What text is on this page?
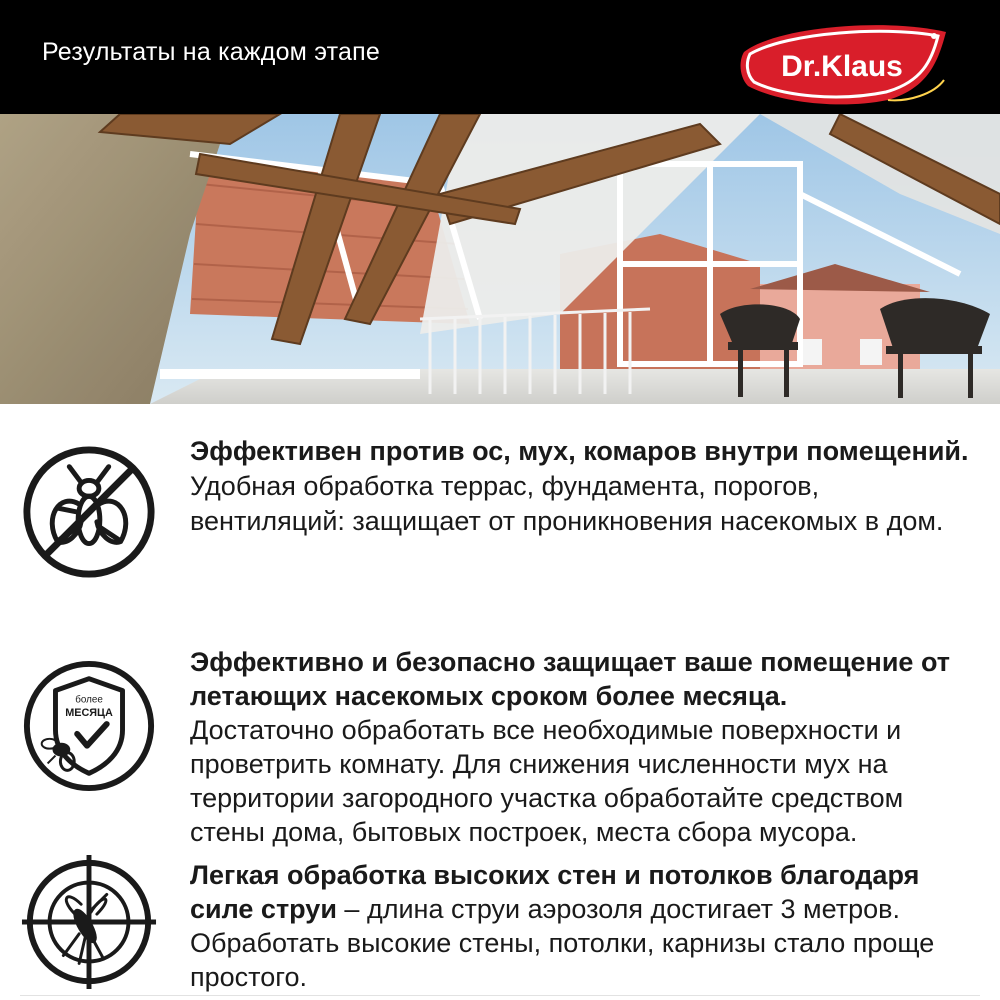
Результаты на каждом этапе	Dr.Klaus
Эффективен против ос, мух, комаров внутри помещений.
Удобная обработка террас, фундамента, порогов, вентиляций: защищает от проникновения насекомых в дом.
более
МЕСЯЦА
Эффективно и безопасно защищает ваше помещение от летающих насекомых сроком более месяца.
Достаточно обработать все необходимые поверхности и проветрить комнату. Для снижения численности мух на территории загородного участка обработайте средством стены дома, бытовых построек, места сбора мусора.
Легкая обработка высоких стен и потолков благодаря силе струи – длина струи аэрозоля достигает 3 метров. Обработать высокие стены, потолки, карнизы стало проще простого.
